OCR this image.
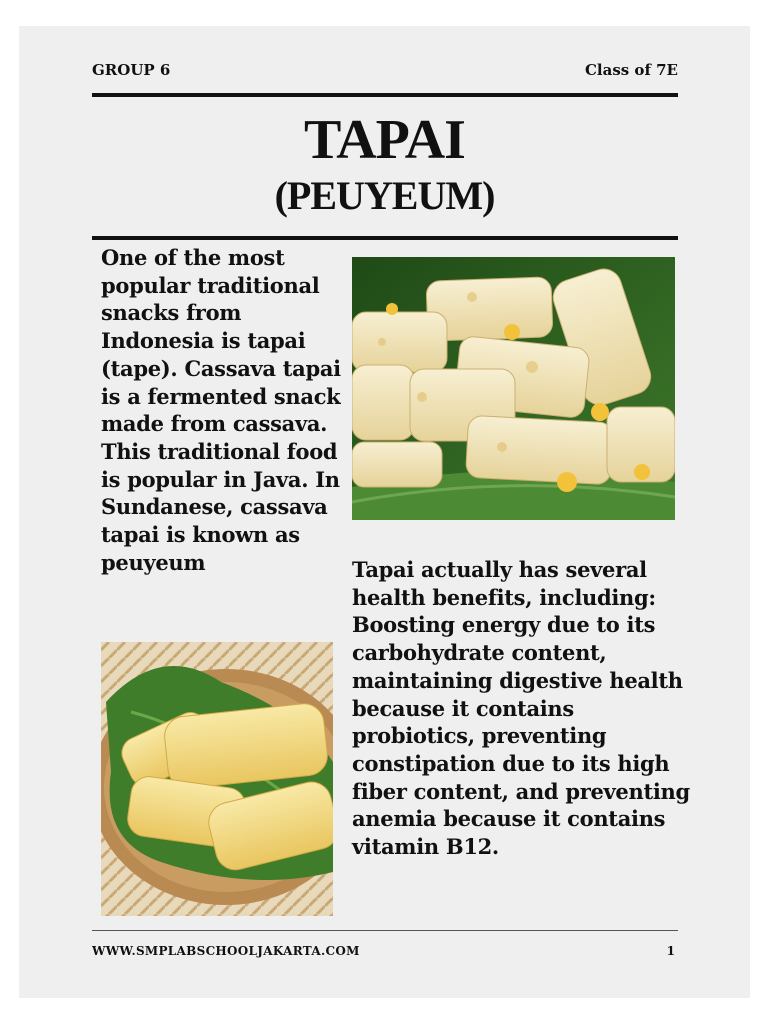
GROUP 6	Class of 7E
TAPAI
(PEUYEUM)
One of the most popular traditional snacks from Indonesia is tapai (tape). Cassava tapai is a fermented snack made from cassava. This traditional food is popular in Java. In Sundanese, cassava tapai is known as peuyeum	Tapai actually has several health benefits, including: Boosting energy due to its carbohydrate content, maintaining digestive health because it contains probiotics, preventing constipation due to its high fiber content, and preventing anemia because it contains vitamin B12.
WWW.SMPLABSCHOOLJAKARTA.COM	1
